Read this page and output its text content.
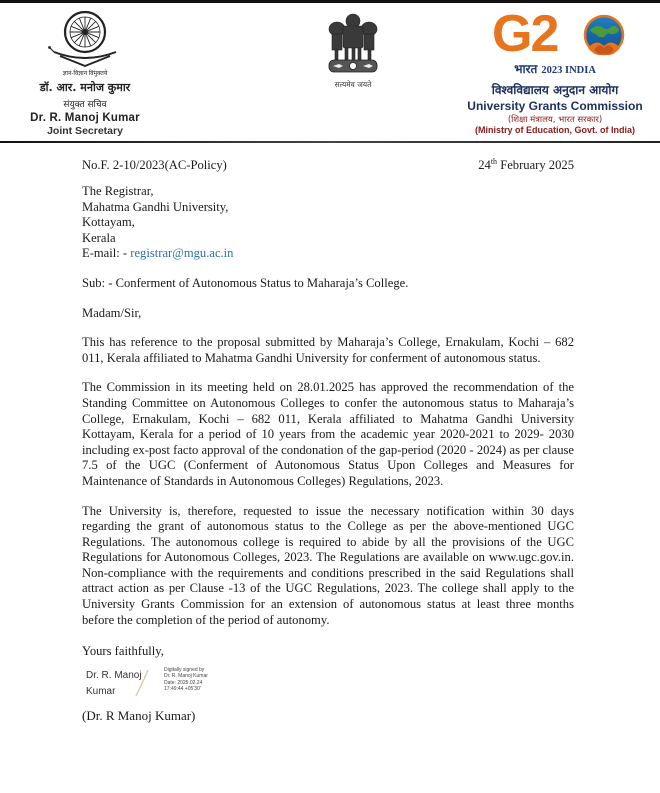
ज्ञान-विज्ञान विमुक्तये
डॉ. आर. मनोज कुमार
संयुक्त सचिव
Dr. R. Manoj Kumar
Joint Secretary
सत्यमेव जयते
G2
भारत 2023 INDIA
विश्वविद्यालय अनुदान आयोग
University Grants Commission
(शिक्षा मंत्रालय, भारत सरकार)
(Ministry of Education, Govt. of India)
No.F. 2-10/2023(AC-Policy)	24th February 2025
The Registrar,
Mahatma Gandhi University,
Kottayam,
Kerala
E-mail: - registrar@mgu.ac.in
Sub: - Conferment of Autonomous Status to Maharaja’s College.
Madam/Sir,
This has reference to the proposal submitted by Maharaja’s College, Ernakulam, Kochi – 682 011, Kerala affiliated to Mahatma Gandhi University for conferment of autonomous status.
The Commission in its meeting held on 28.01.2025 has approved the recommendation of the Standing Committee on Autonomous Colleges to confer the autonomous status to Maharaja’s College, Ernakulam, Kochi – 682 011, Kerala affiliated to Mahatma Gandhi University Kottayam, Kerala for a period of 10 years from the academic year 2020-2021 to 2029- 2030 including ex-post facto approval of the condonation of the gap-period (2020 - 2024) as per clause 7.5 of the UGC (Conferment of Autonomous Status Upon Colleges and Measures for Maintenance of Standards in Autonomous Colleges) Regulations, 2023.
The University is, therefore, requested to issue the necessary notification within 30 days regarding the grant of autonomous status to the College as per the above-mentioned UGC Regulations. The autonomous college is required to abide by all the provisions of the UGC Regulations for Autonomous Colleges, 2023. The Regulations are available on www.ugc.gov.in. Non-compliance with the requirements and conditions prescribed in the said Regulations shall attract action as per Clause -13 of the UGC Regulations, 2023. The college shall apply to the University Grants Commission for an extension of autonomous status at least three months before the completion of the period of autonomy.
Yours faithfully,
Dr. R. Manoj
Kumar
Digitally signed by
Dr. R. Manoj Kumar
Date: 2025.02.24
17:49:44 +05'30'
(Dr. R Manoj Kumar)
